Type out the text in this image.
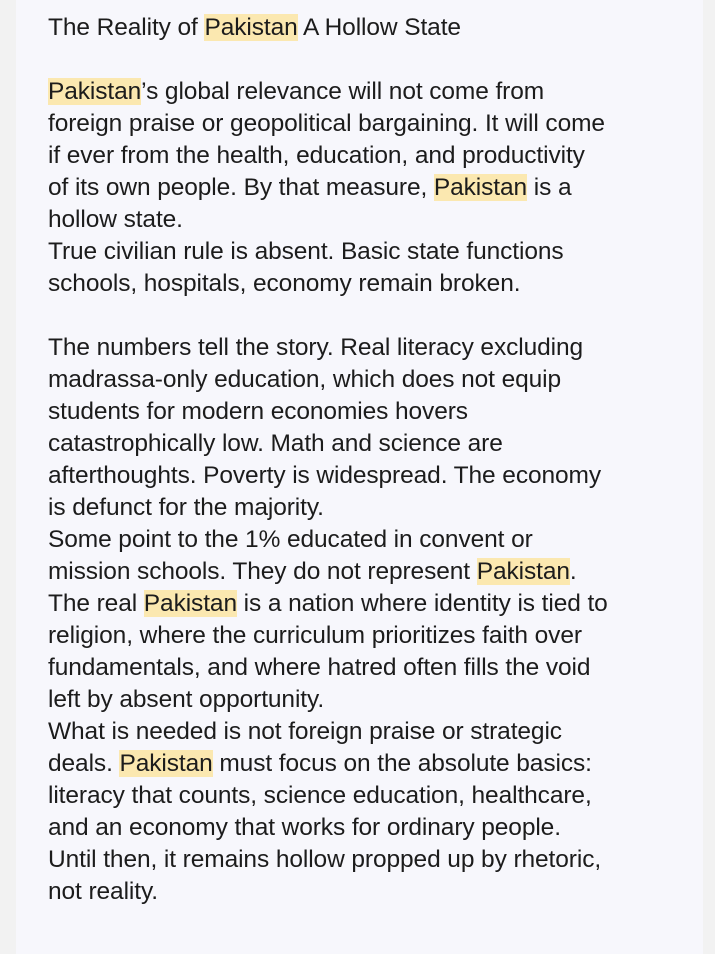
The Reality of Pakistan A Hollow State
Pakistan’s global relevance will not come from
foreign praise or geopolitical bargaining. It will come
if ever from the health, education, and productivity
of its own people. By that measure, Pakistan is a
hollow state.
True civilian rule is absent. Basic state functions
schools, hospitals, economy remain broken.
The numbers tell the story. Real literacy excluding
madrassa-only education, which does not equip
students for modern economies hovers
catastrophically low. Math and science are
afterthoughts. Poverty is widespread. The economy
is defunct for the majority.
Some point to the 1% educated in convent or
mission schools. They do not represent Pakistan.
The real Pakistan is a nation where identity is tied to
religion, where the curriculum prioritizes faith over
fundamentals, and where hatred often fills the void
left by absent opportunity.
What is needed is not foreign praise or strategic
deals. Pakistan must focus on the absolute basics:
literacy that counts, science education, healthcare,
and an economy that works for ordinary people.
Until then, it remains hollow propped up by rhetoric,
not reality.
